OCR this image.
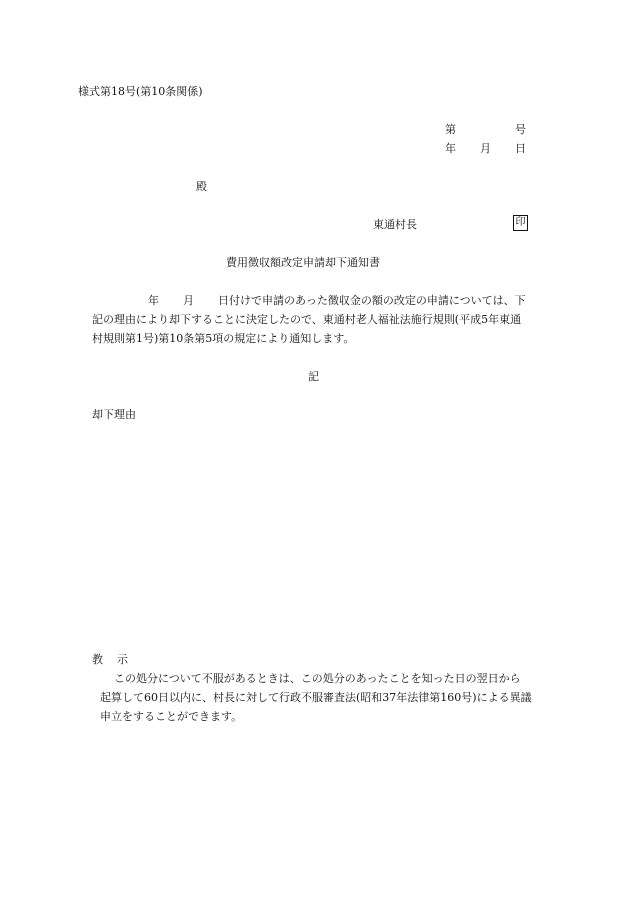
様式第18号(第10条関係)
第	号
年 月 日
殿
東通村長	印
費用徴収額改定申請却下通知書
年 月 日付けで申請のあった徴収金の額の改定の申請については、下
記の理由により却下することに決定したので、東通村老人福祉法施行規則(平成5年東通
村規則第1号)第10条第5項の規定により通知します。
記
却下理由
教 示
この処分について不服があるときは、この処分のあったことを知った日の翌日から
起算して60日以内に、村長に対して行政不服審査法(昭和37年法律第160号)による異議
申立をすることができます。
